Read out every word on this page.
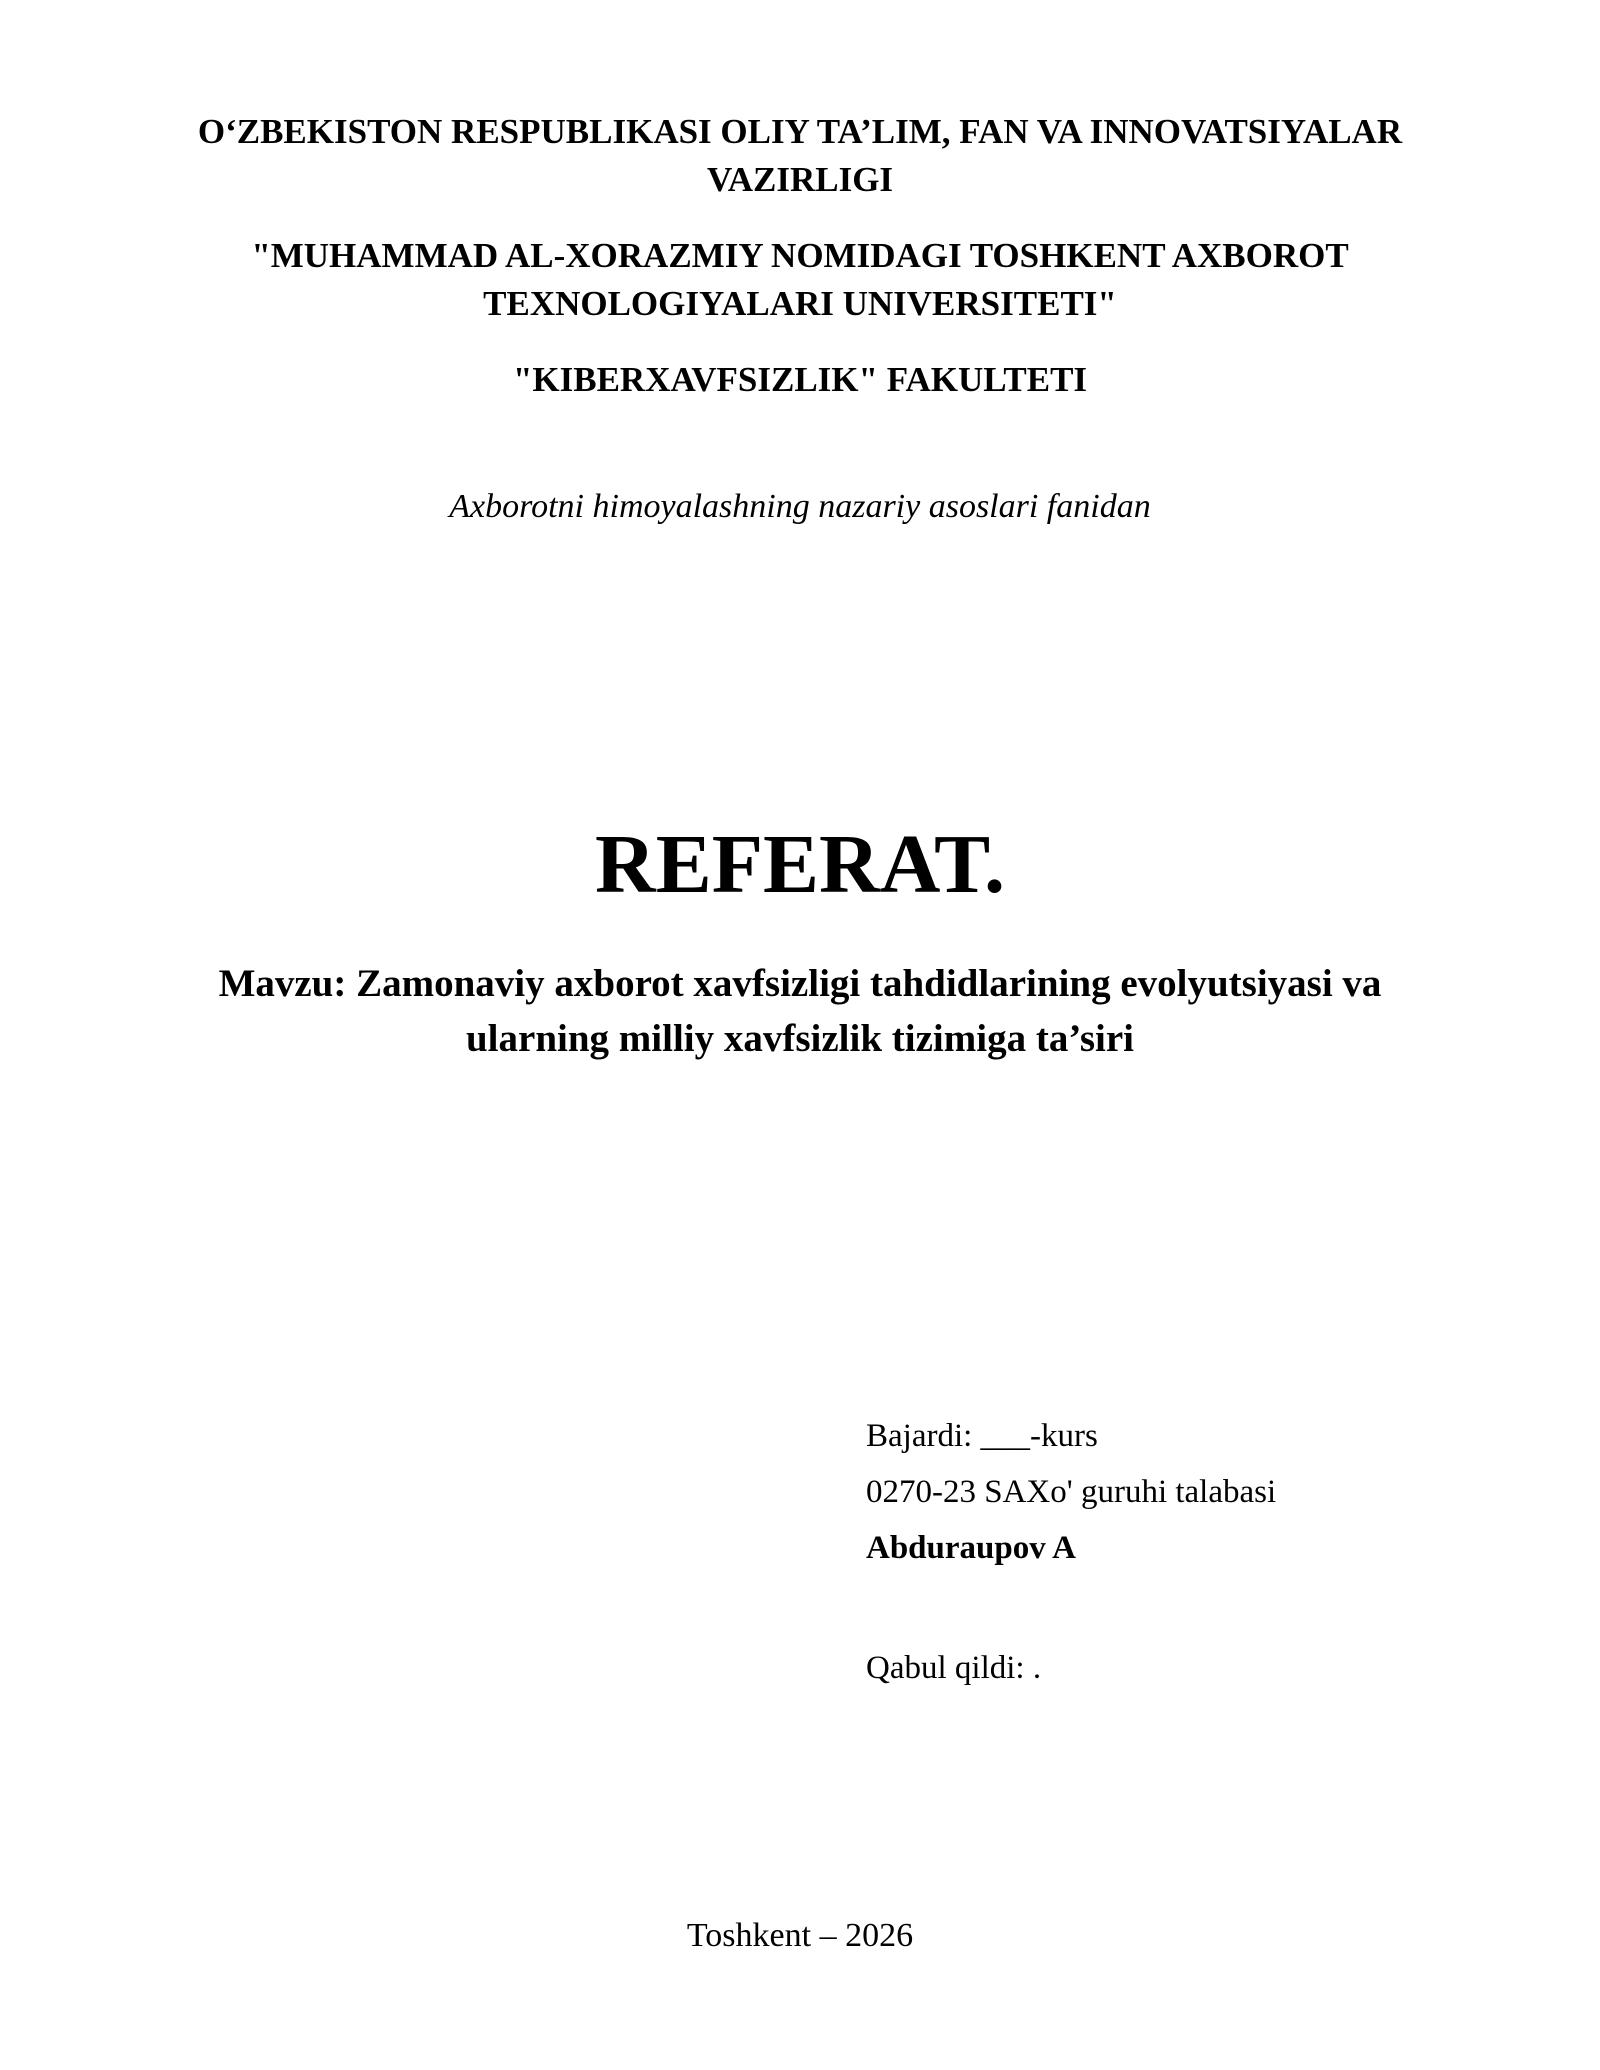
O‘ZBEKISTON RESPUBLIKASI OLIY TA’LIM, FAN VA INNOVATSIYALAR VAZIRLIGI
"MUHAMMAD AL-XORAZMIY NOMIDAGI TOSHKENT AXBOROT TEXNOLOGIYALARI UNIVERSITETI"
"KIBERXAVFSIZLIK" FAKULTETI
Axborotni himoyalashning nazariy asoslari fanidan
REFERAT.
Mavzu: Zamonaviy axborot xavfsizligi tahdidlarining evolyutsiyasi va ularning milliy xavfsizlik tizimiga ta’siri
Bajardi: ___-kurs
0270-23 SAXo' guruhi talabasi
Abduraupov A
Qabul qildi: .
Toshkent – 2026
